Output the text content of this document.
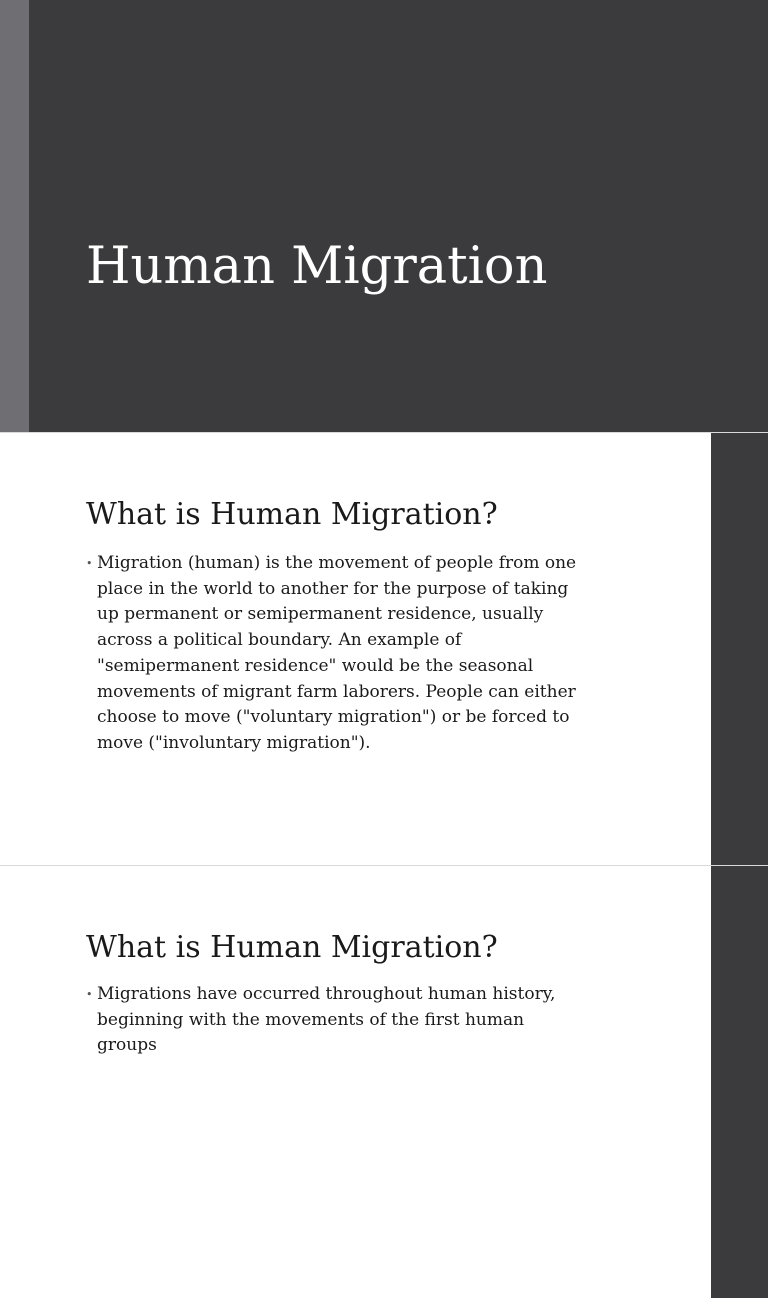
Human Migration
What is Human Migration?
• Migration (human) is the movement of people from one place in the world to another for the purpose of taking up permanent or semipermanent residence, usually across a political boundary. An example of "semipermanent residence" would be the seasonal movements of migrant farm laborers. People can either choose to move ("voluntary migration") or be forced to move ("involuntary migration").
What is Human Migration?
• Migrations have occurred throughout human history, beginning with the movements of the first human groups
